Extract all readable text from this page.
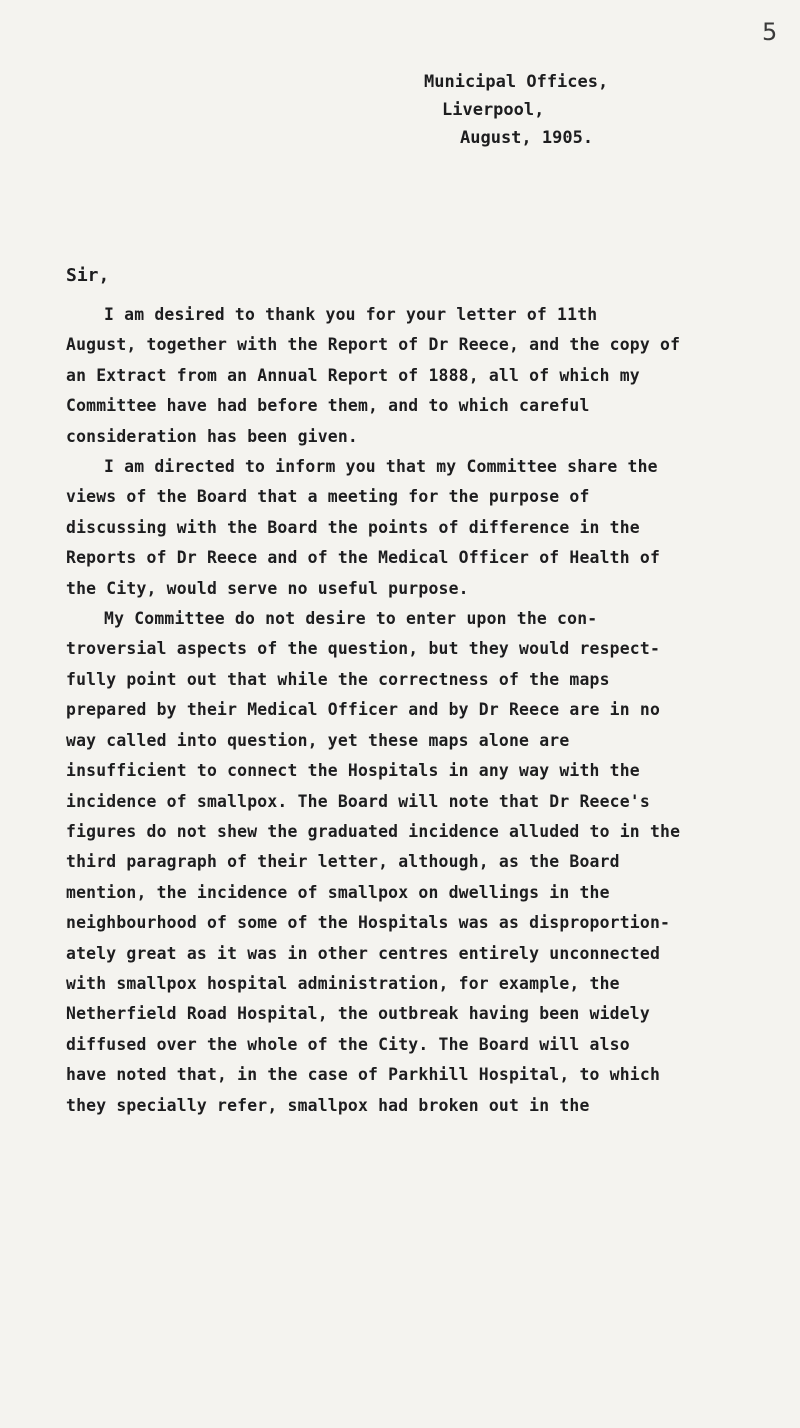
5
Municipal Offices,
Liverpool,
August, 1905.
Sir,
I am desired to thank you for your letter of 11th
August, together with the Report of Dr Reece, and the copy of
an Extract from an Annual Report of 1888, all of which my
Committee have had before them, and to which careful
consideration has been given.
I am directed to inform you that my Committee share the
views of the Board that a meeting for the purpose of
discussing with the Board the points of difference in the
Reports of Dr Reece and of the Medical Officer of Health of
the City, would serve no useful purpose.
My Committee do not desire to enter upon the con-
troversial aspects of the question, but they would respect-
fully point out that while the correctness of the maps
prepared by their Medical Officer and by Dr Reece are in no
way called into question, yet these maps alone are
insufficient to connect the Hospitals in any way with the
incidence of smallpox. The Board will note that Dr Reece's
figures do not shew the graduated incidence alluded to in the
third paragraph of their letter, although, as the Board
mention, the incidence of smallpox on dwellings in the
neighbourhood of some of the Hospitals was as disproportion-
ately great as it was in other centres entirely unconnected
with smallpox hospital administration, for example, the
Netherfield Road Hospital, the outbreak having been widely
diffused over the whole of the City. The Board will also
have noted that, in the case of Parkhill Hospital, to which
they specially refer, smallpox had broken out in the
